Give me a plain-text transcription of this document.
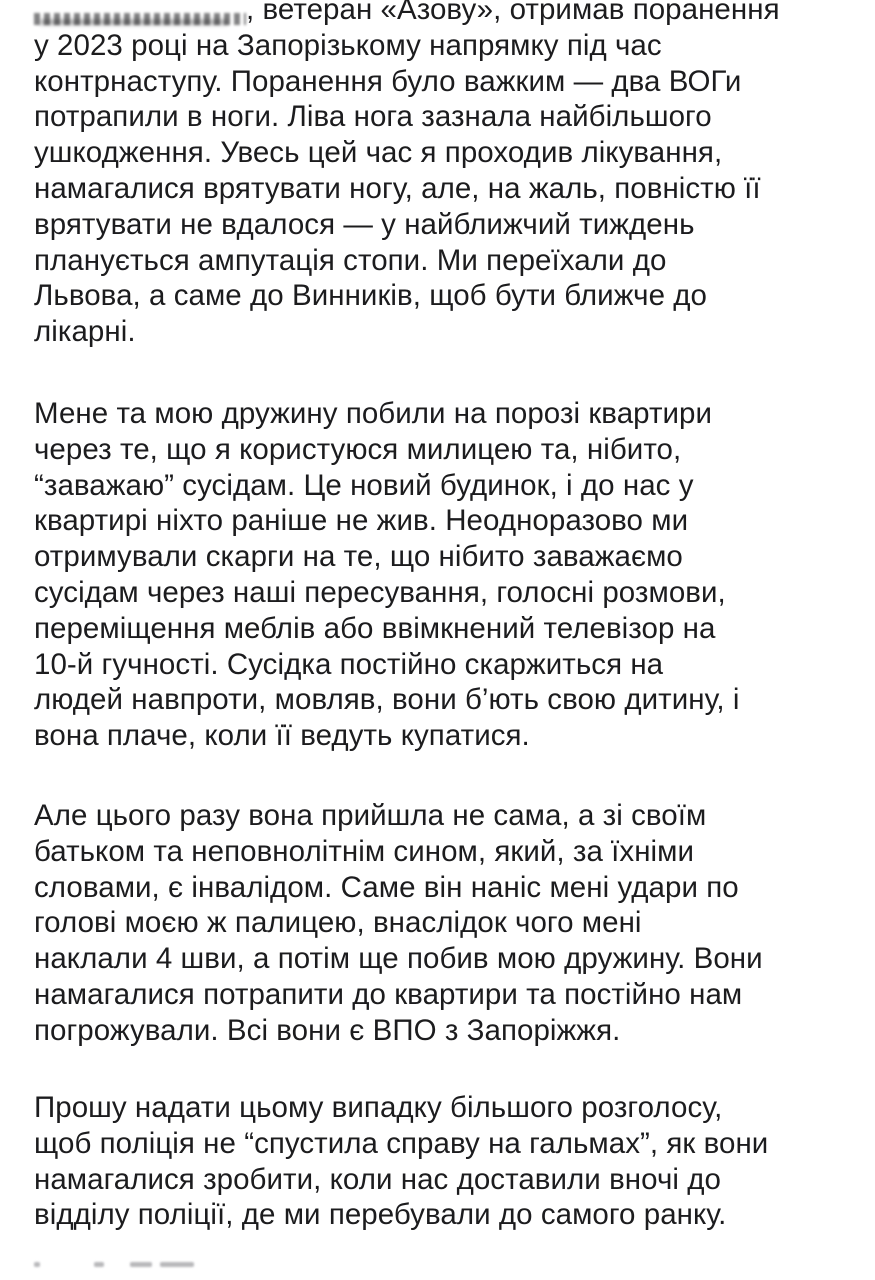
, ветеран «Азову», отримав поранення
у 2023 році на Запорізькому напрямку під час
контрнаступу. Поранення було важким — два ВОГи
потрапили в ноги. Ліва нога зазнала найбільшого
ушкодження. Увесь цей час я проходив лікування,
намагалися врятувати ногу, але, на жаль, повністю її
врятувати не вдалося — у найближчий тиждень
планується ампутація стопи. Ми переїхали до
Львова, а саме до Винників, щоб бути ближче до
лікарні.
Мене та мою дружину побили на порозі квартири
через те, що я користуюся милицею та, нібито,
“заважаю” сусідам. Це новий будинок, і до нас у
квартирі ніхто раніше не жив. Неодноразово ми
отримували скарги на те, що нібито заважаємо
сусідам через наші пересування, голосні розмови,
переміщення меблів або ввімкнений телевізор на
10-й гучності. Сусідка постійно скаржиться на
людей навпроти, мовляв, вони б’ють свою дитину, і
вона плаче, коли її ведуть купатися.
Але цього разу вона прийшла не сама, а зі своїм
батьком та неповнолітнім сином, який, за їхніми
словами, є інвалідом. Саме він наніс мені удари по
голові моєю ж палицею, внаслідок чого мені
наклали 4 шви, а потім ще побив мою дружину. Вони
намагалися потрапити до квартири та постійно нам
погрожували. Всі вони є ВПО з Запоріжжя.
Прошу надати цьому випадку більшого розголосу,
щоб поліція не “спустила справу на гальмах”, як вони
намагалися зробити, коли нас доставили вночі до
відділу поліції, де ми перебували до самого ранку.
